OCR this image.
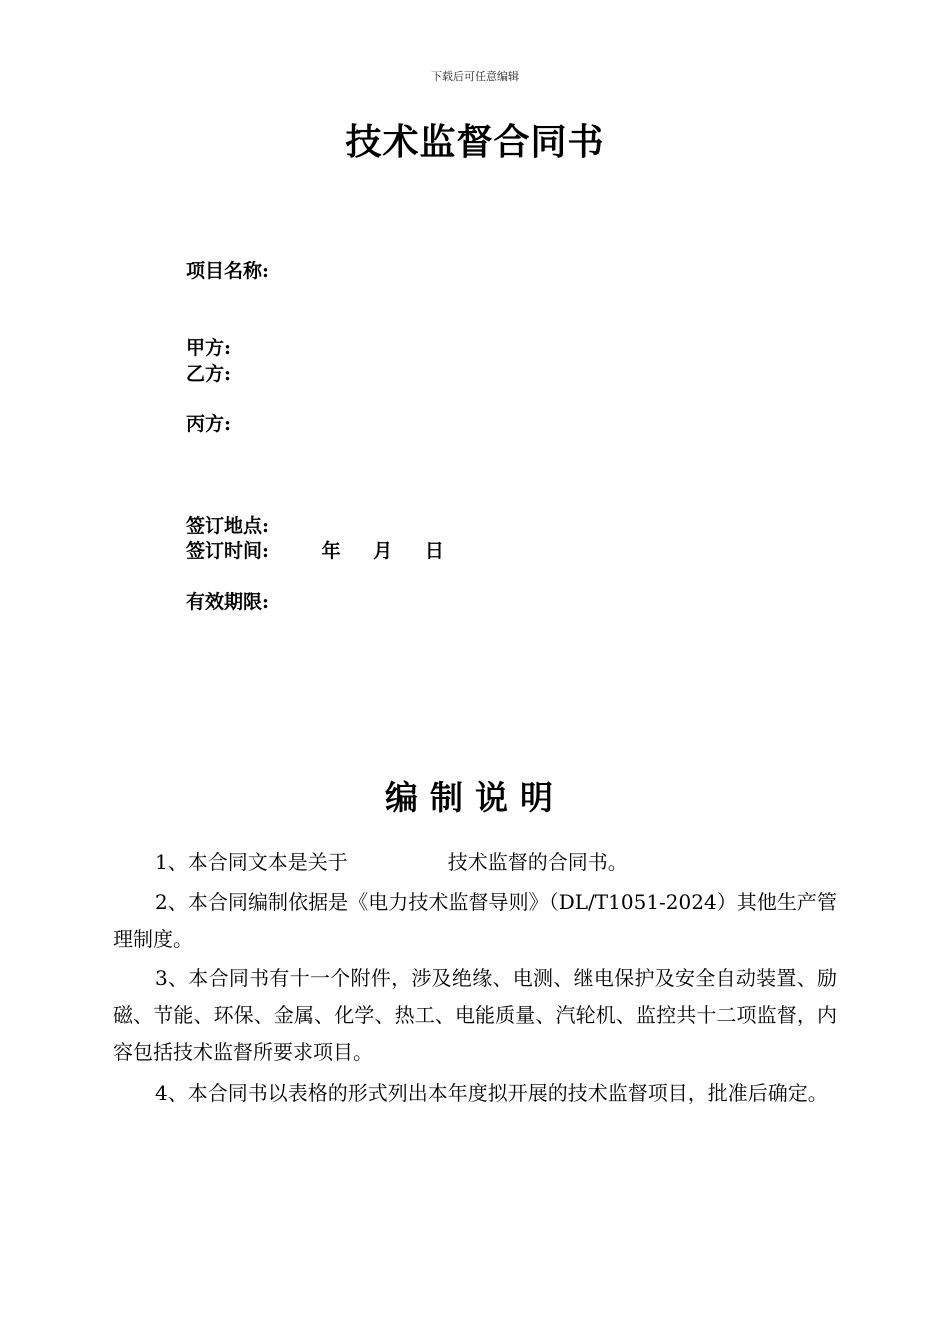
下载后可任意编辑
技术监督合同书
项目名称:
甲方:
乙方:
丙方:
签订地点:
签订时间:	年 月 日
有效期限:
编制说明
1、本合同文本是关于	技术监督的合同书。
2、本合同编制依据是《电力技术监督导则》（DL/T1051-2024）其他生产管理制度。
3、本合同书有十一个附件，涉及绝缘、电测、继电保护及安全自动装置、励磁、节能、环保、金属、化学、热工、电能质量、汽轮机、监控共十二项监督，内容包括技术监督所要求项目。
4、本合同书以表格的形式列出本年度拟开展的技术监督项目，批准后确定。
